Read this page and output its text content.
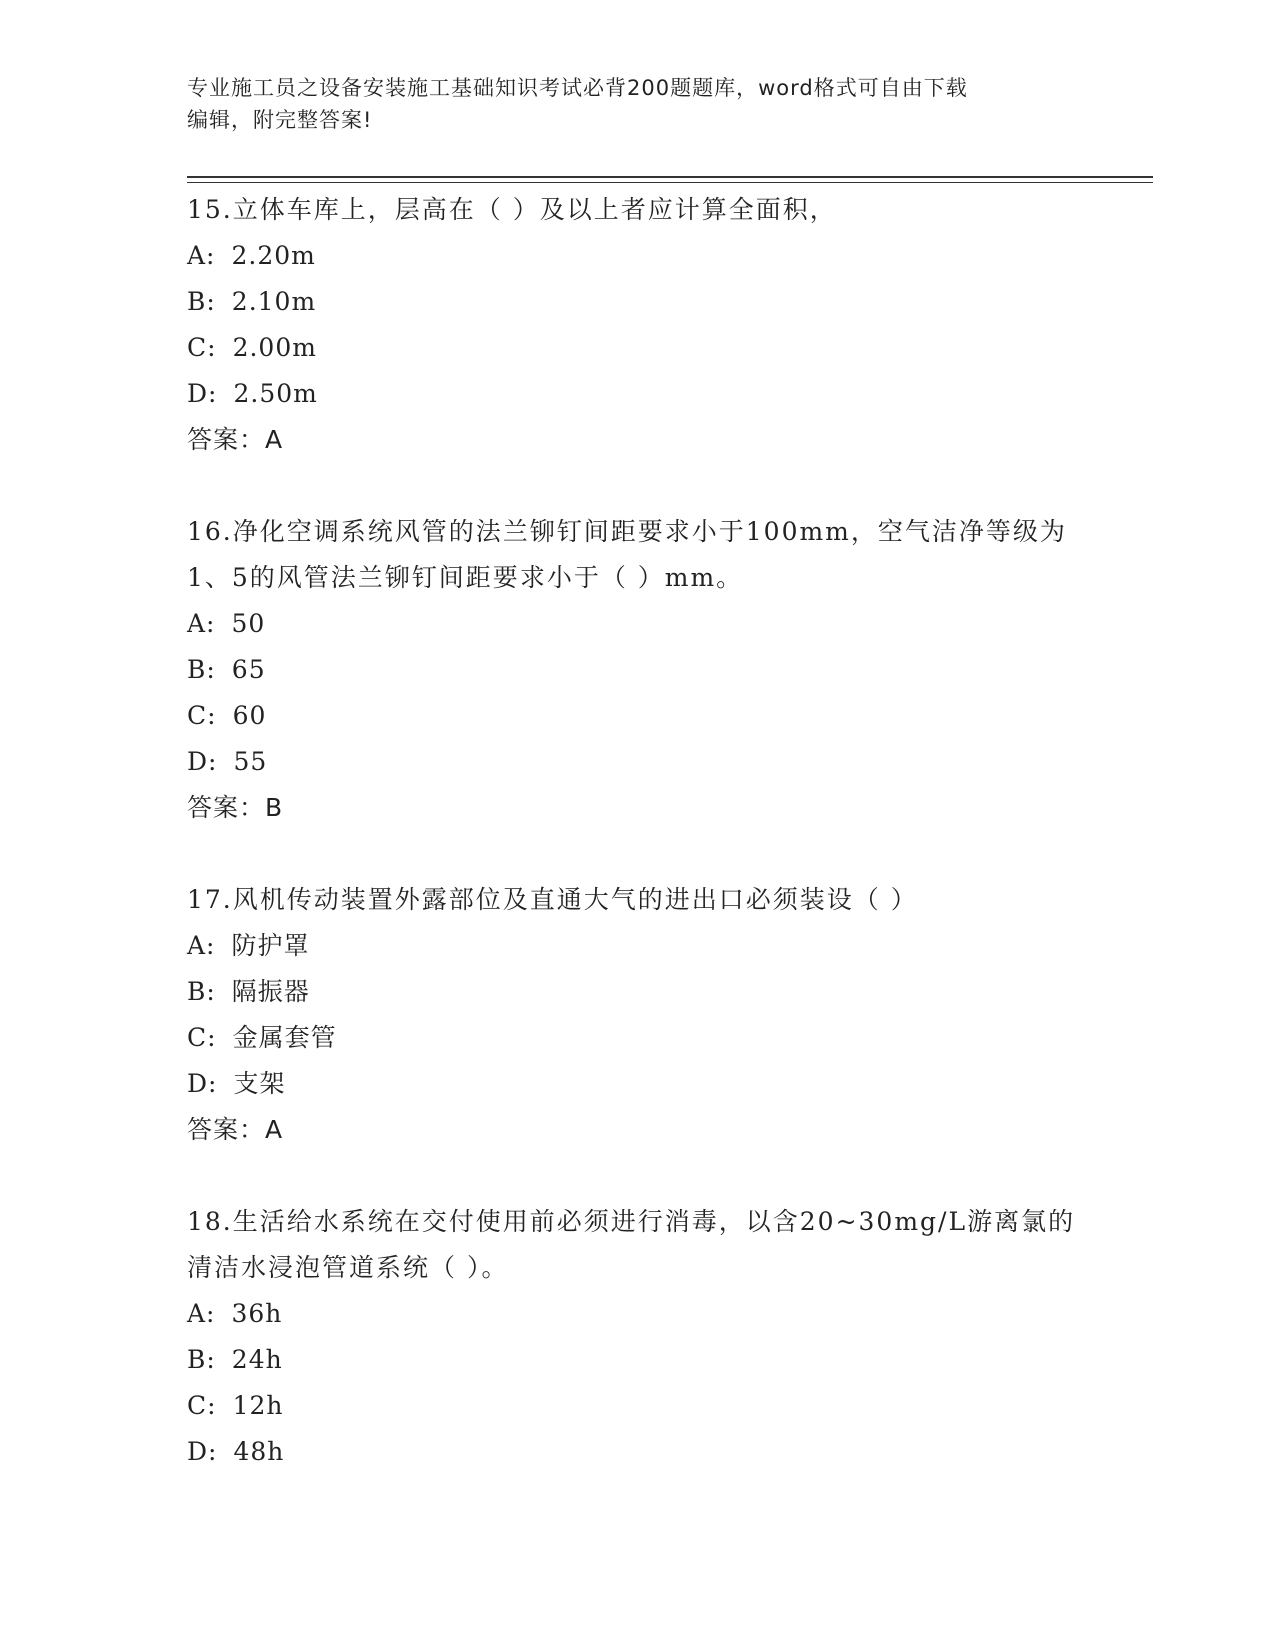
专业施工员之设备安装施工基础知识考试必背200题题库，word格式可自由下载
编辑，附完整答案!
15.立体车库上，层高在（ ）及以上者应计算全面积，
A: 2.20m
B: 2.10m
C: 2.00m
D: 2.50m
答案：A
16.净化空调系统风管的法兰铆钉间距要求小于100mm，空气洁净等级为1、5的风管法兰铆钉间距要求小于（ ）mm。
A: 50
B: 65
C: 60
D: 55
答案：B
17.风机传动装置外露部位及直通大气的进出口必须装设（ ）
A: 防护罩
B: 隔振器
C: 金属套管
D: 支架
答案：A
18.生活给水系统在交付使用前必须进行消毒，以含20~30mg/L游离氯的清洁水浸泡管道系统（ ）。
A: 36h
B: 24h
C: 12h
D: 48h
